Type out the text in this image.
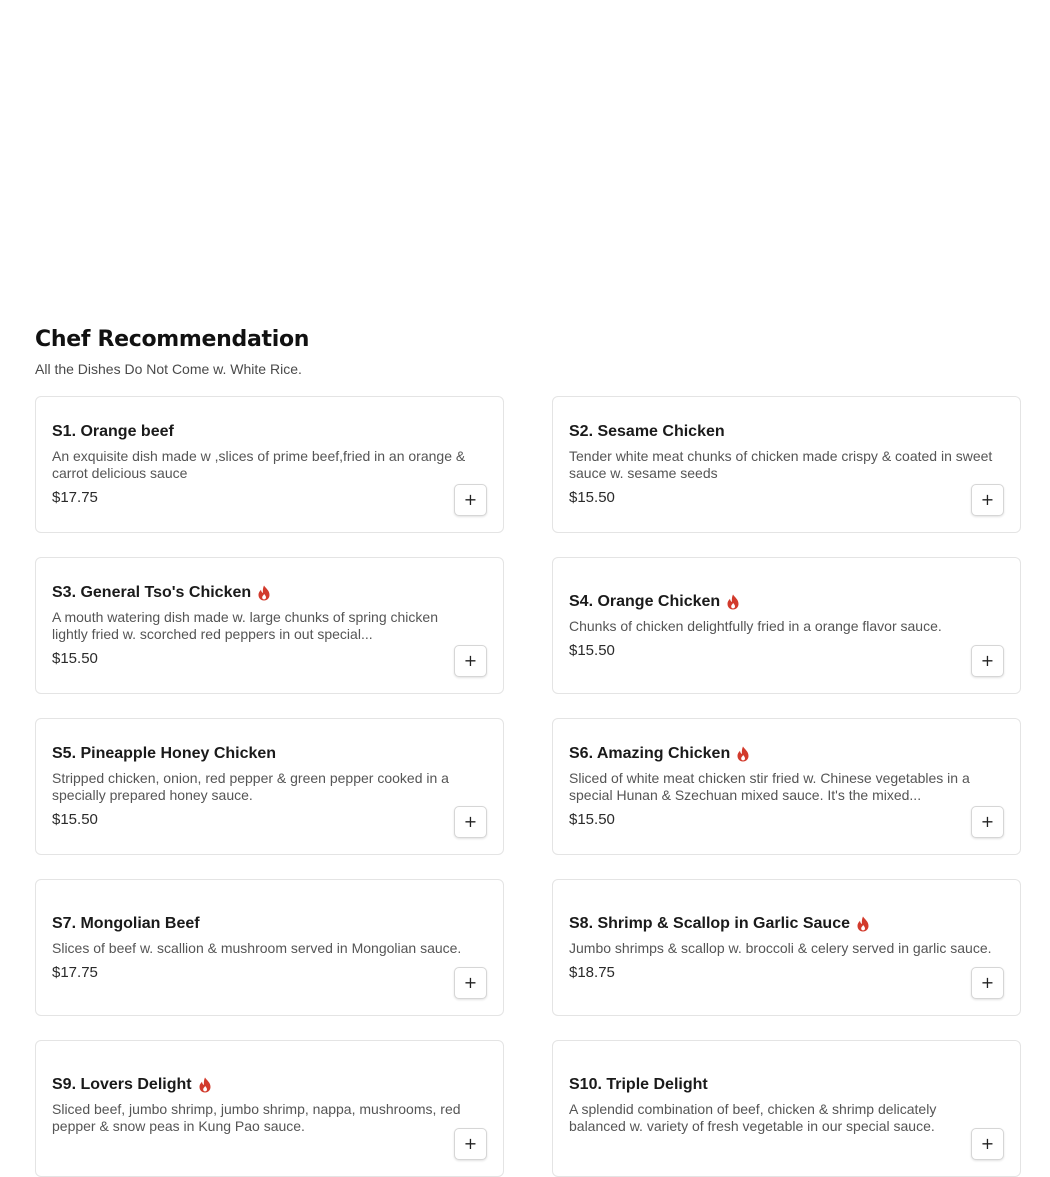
Chef Recommendation

All the Dishes Do Not Come w. White Rice.

S1. Orange beef
An exquisite dish made w ,slices of prime beef,fried in an orange & carrot delicious sauce
$17.75	+
S2. Sesame Chicken
Tender white meat chunks of chicken made crispy & coated in sweet sauce w. sesame seeds
$15.50	+
S3. General Tso's Chicken
A mouth watering dish made w. large chunks of spring chicken lightly fried w. scorched red peppers in out special...
$15.50	+
S4. Orange Chicken
Chunks of chicken delightfully fried in a orange flavor sauce.
$15.50
+
S5. Pineapple Honey Chicken
Stripped chicken, onion, red pepper & green pepper cooked in a specially prepared honey sauce.
$15.50	+
S6. Amazing Chicken
Sliced of white meat chicken stir fried w. Chinese vegetables in a special Hunan & Szechuan mixed sauce. It's the mixed...
$15.50	+
S7. Mongolian Beef
Slices of beef w. scallion & mushroom served in Mongolian sauce.
$17.75
+
S8. Shrimp & Scallop in Garlic Sauce
Jumbo shrimps & scallop w. broccoli & celery served in garlic sauce.
$18.75
+
S9. Lovers Delight
Sliced beef, jumbo shrimp, jumbo shrimp, nappa, mushrooms, red pepper & snow peas in Kung Pao sauce.
+
S10. Triple Delight
A splendid combination of beef, chicken & shrimp delicately balanced w. variety of fresh vegetable in our special sauce.
+
